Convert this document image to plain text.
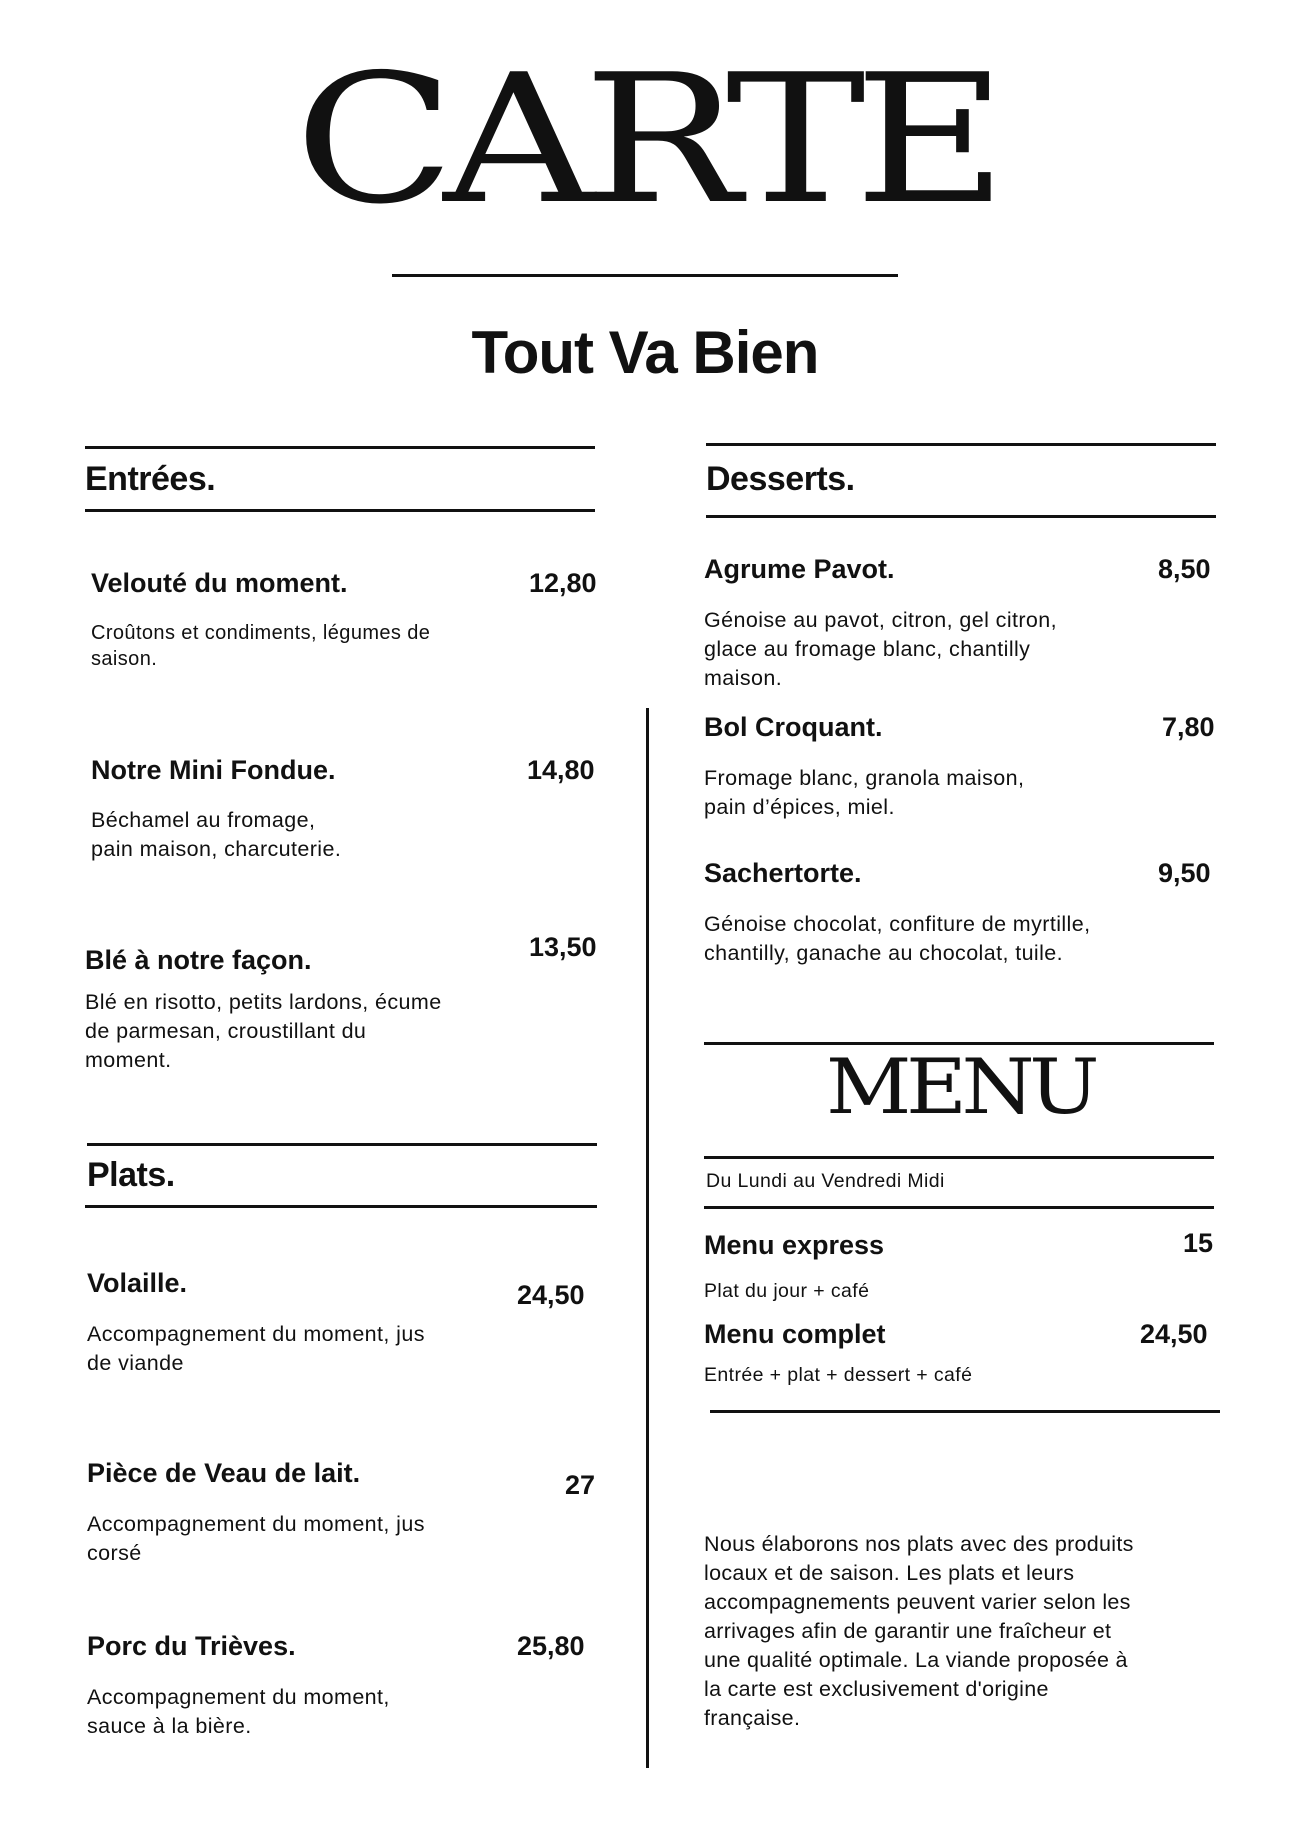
CARTE
Tout Va Bien
Entrées.
Velouté du moment.	12,80
Croûtons et condiments, légumes de
saison.
Notre Mini Fondue.	14,80
Béchamel au fromage,
pain maison, charcuterie.
Blé à notre façon.	13,50
Blé en risotto, petits lardons, écume
de parmesan, croustillant du
moment.
Plats.
Volaille.	24,50
Accompagnement du moment, jus
de viande
Pièce de Veau de lait.	27
Accompagnement du moment, jus
corsé
Porc du Trièves.	25,80
Accompagnement du moment,
sauce à la bière.
Desserts.
Agrume Pavot.	8,50
Génoise au pavot, citron, gel citron,
glace au fromage blanc, chantilly
maison.
Bol Croquant.	7,80
Fromage blanc, granola maison,
pain d’épices, miel.
Sachertorte.	9,50
Génoise chocolat, confiture de myrtille,
chantilly, ganache au chocolat, tuile.
MENU
Du Lundi au Vendredi Midi
Menu express	15
Plat du jour + café
Menu complet	24,50
Entrée + plat + dessert + café
Nous élaborons nos plats avec des produits
locaux et de saison. Les plats et leurs
accompagnements peuvent varier selon les
arrivages afin de garantir une fraîcheur et
une qualité optimale. La viande proposée à
la carte est exclusivement d'origine
française.
